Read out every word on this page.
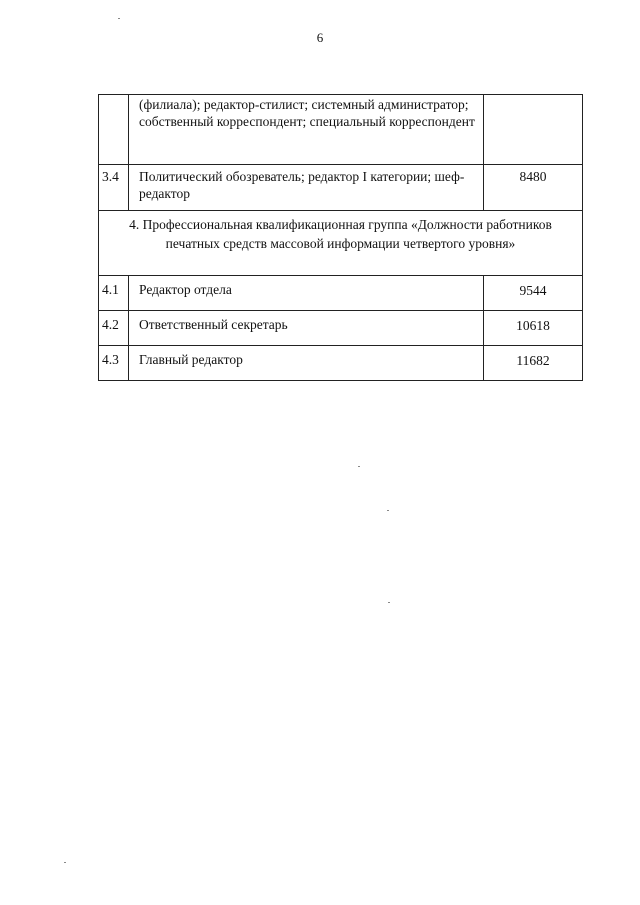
6
	(филиала); редактор-стилист; системный администратор; собственный корреспондент; специальный корреспондент	
3.4	Политический обозреватель; редактор I категории; шеф-редактор	8480
4. Профессиональная квалификационная группа «Должности работников печатных средств массовой информации четвертого уровня»		
4.1	Редактор отдела	9544
4.2	Ответственный секретарь	10618
4.3	Главный редактор	11682
